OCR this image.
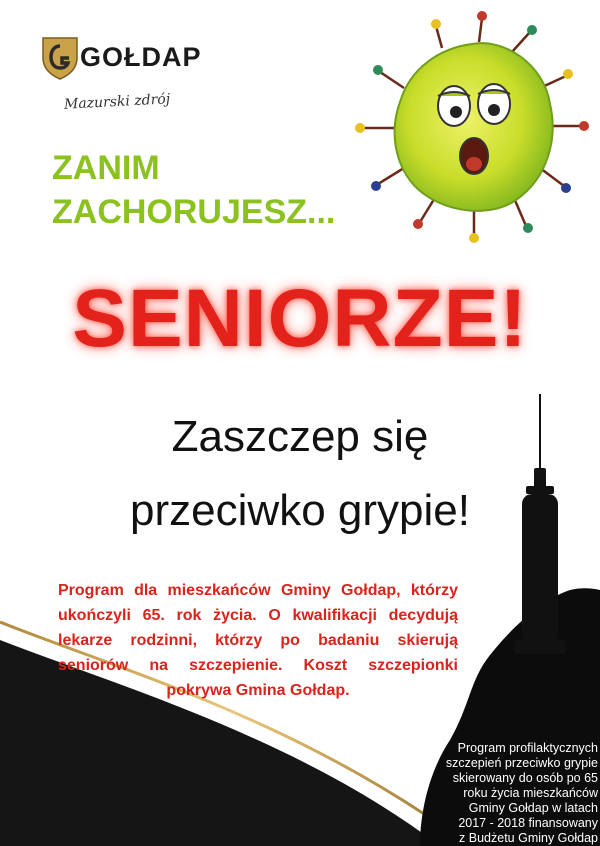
GOŁDAP
Mazurski zdrój
ZANIM
ZACHORUJESZ...
SENIORZE!
Zaszczep się
przeciwko grypie!
Program dla mieszkańców Gminy Gołdap, którzy ukończyli 65. rok życia. O kwalifikacji decydują lekarze rodzinni, którzy po badaniu skierują seniorów na szczepienie. Koszt szczepionki pokrywa Gmina Gołdap.
Program profilaktycznych
szczepień przeciwko grypie
skierowany do osób po 65
roku życia mieszkańców
Gminy Gołdap w latach
2017 - 2018 finansowany
z Budżetu Gminy Gołdap
